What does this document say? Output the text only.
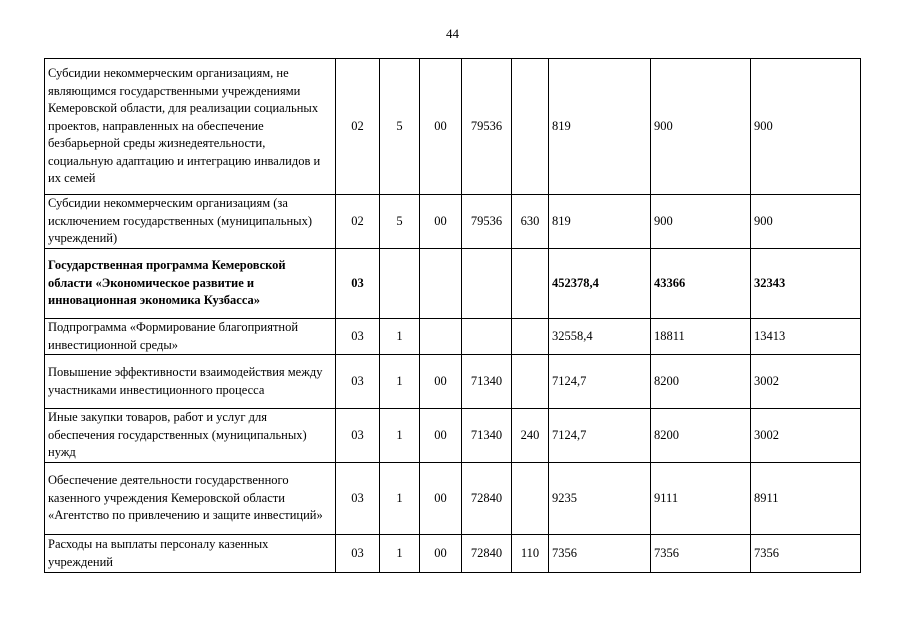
44
Субсидии некоммерческим организациям, не являющимся государственными учреждениями Кемеровской области, для реализации социальных проектов, направленных на обеспечение безбарьерной среды жизнедеятельности, социальную адаптацию и интеграцию инвалидов и их семей	02	5	00	79536		819	900	900
Субсидии некоммерческим организациям (за исключением государственных (муниципальных) учреждений)	02	5	00	79536	630	819	900	900
Государственная программа Кемеровской области «Экономическое развитие и инновационная экономика Кузбасса»	03					452378,4	43366	32343
Подпрограмма «Формирование благоприятной инвестиционной среды»	03	1				32558,4	18811	13413
Повышение эффективности взаимодействия между участниками инвестиционного процесса	03	1	00	71340		7124,7	8200	3002
Иные закупки товаров, работ и услуг для обеспечения государственных (муниципальных) нужд	03	1	00	71340	240	7124,7	8200	3002
Обеспечение деятельности государственного казенного учреждения Кемеровской области «Агентство по привлечению и защите инвестиций»	03	1	00	72840		9235	9111	8911
Расходы на выплаты персоналу казенных учреждений	03	1	00	72840	110	7356	7356	7356
